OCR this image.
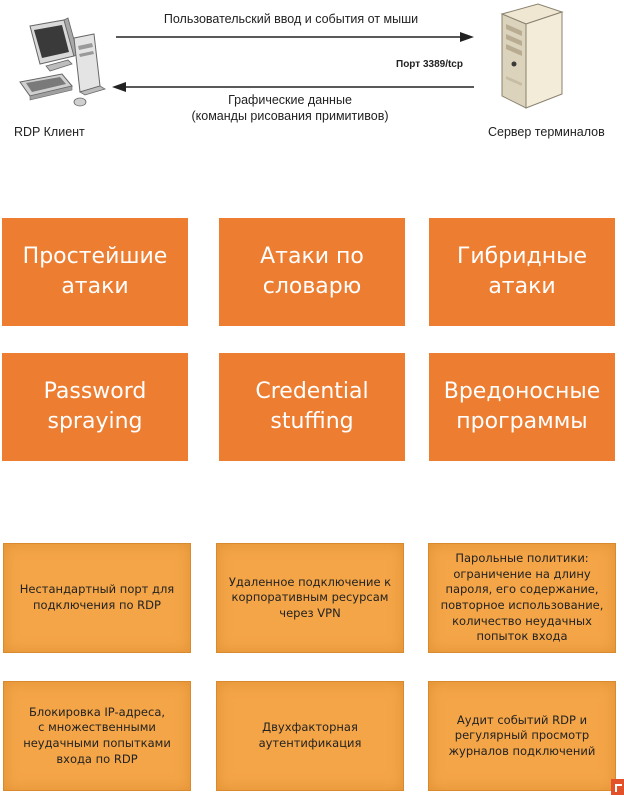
Пользовательский ввод и события от мыши
Порт 3389/tcp
Графические данные
(команды рисования примитивов)
RDP Клиент	Сервер терминалов
Простейшие атаки
Атаки по словарю
Гибридные атаки
Password spraying
Credential stuffing
Вредоносные программы
Нестандартный порт для подключения по RDP
Удаленное подключение к корпоративным ресурсам через VPN
Парольные политики:
ограничение на длину пароля, его содержание, повторное использование, количество неудачных попыток входа
Блокировка IP-адреса,
с множественными неудачными попытками входа по RDP
Двухфакторная аутентификация
Аудит событий RDP и регулярный просмотр журналов подключений
